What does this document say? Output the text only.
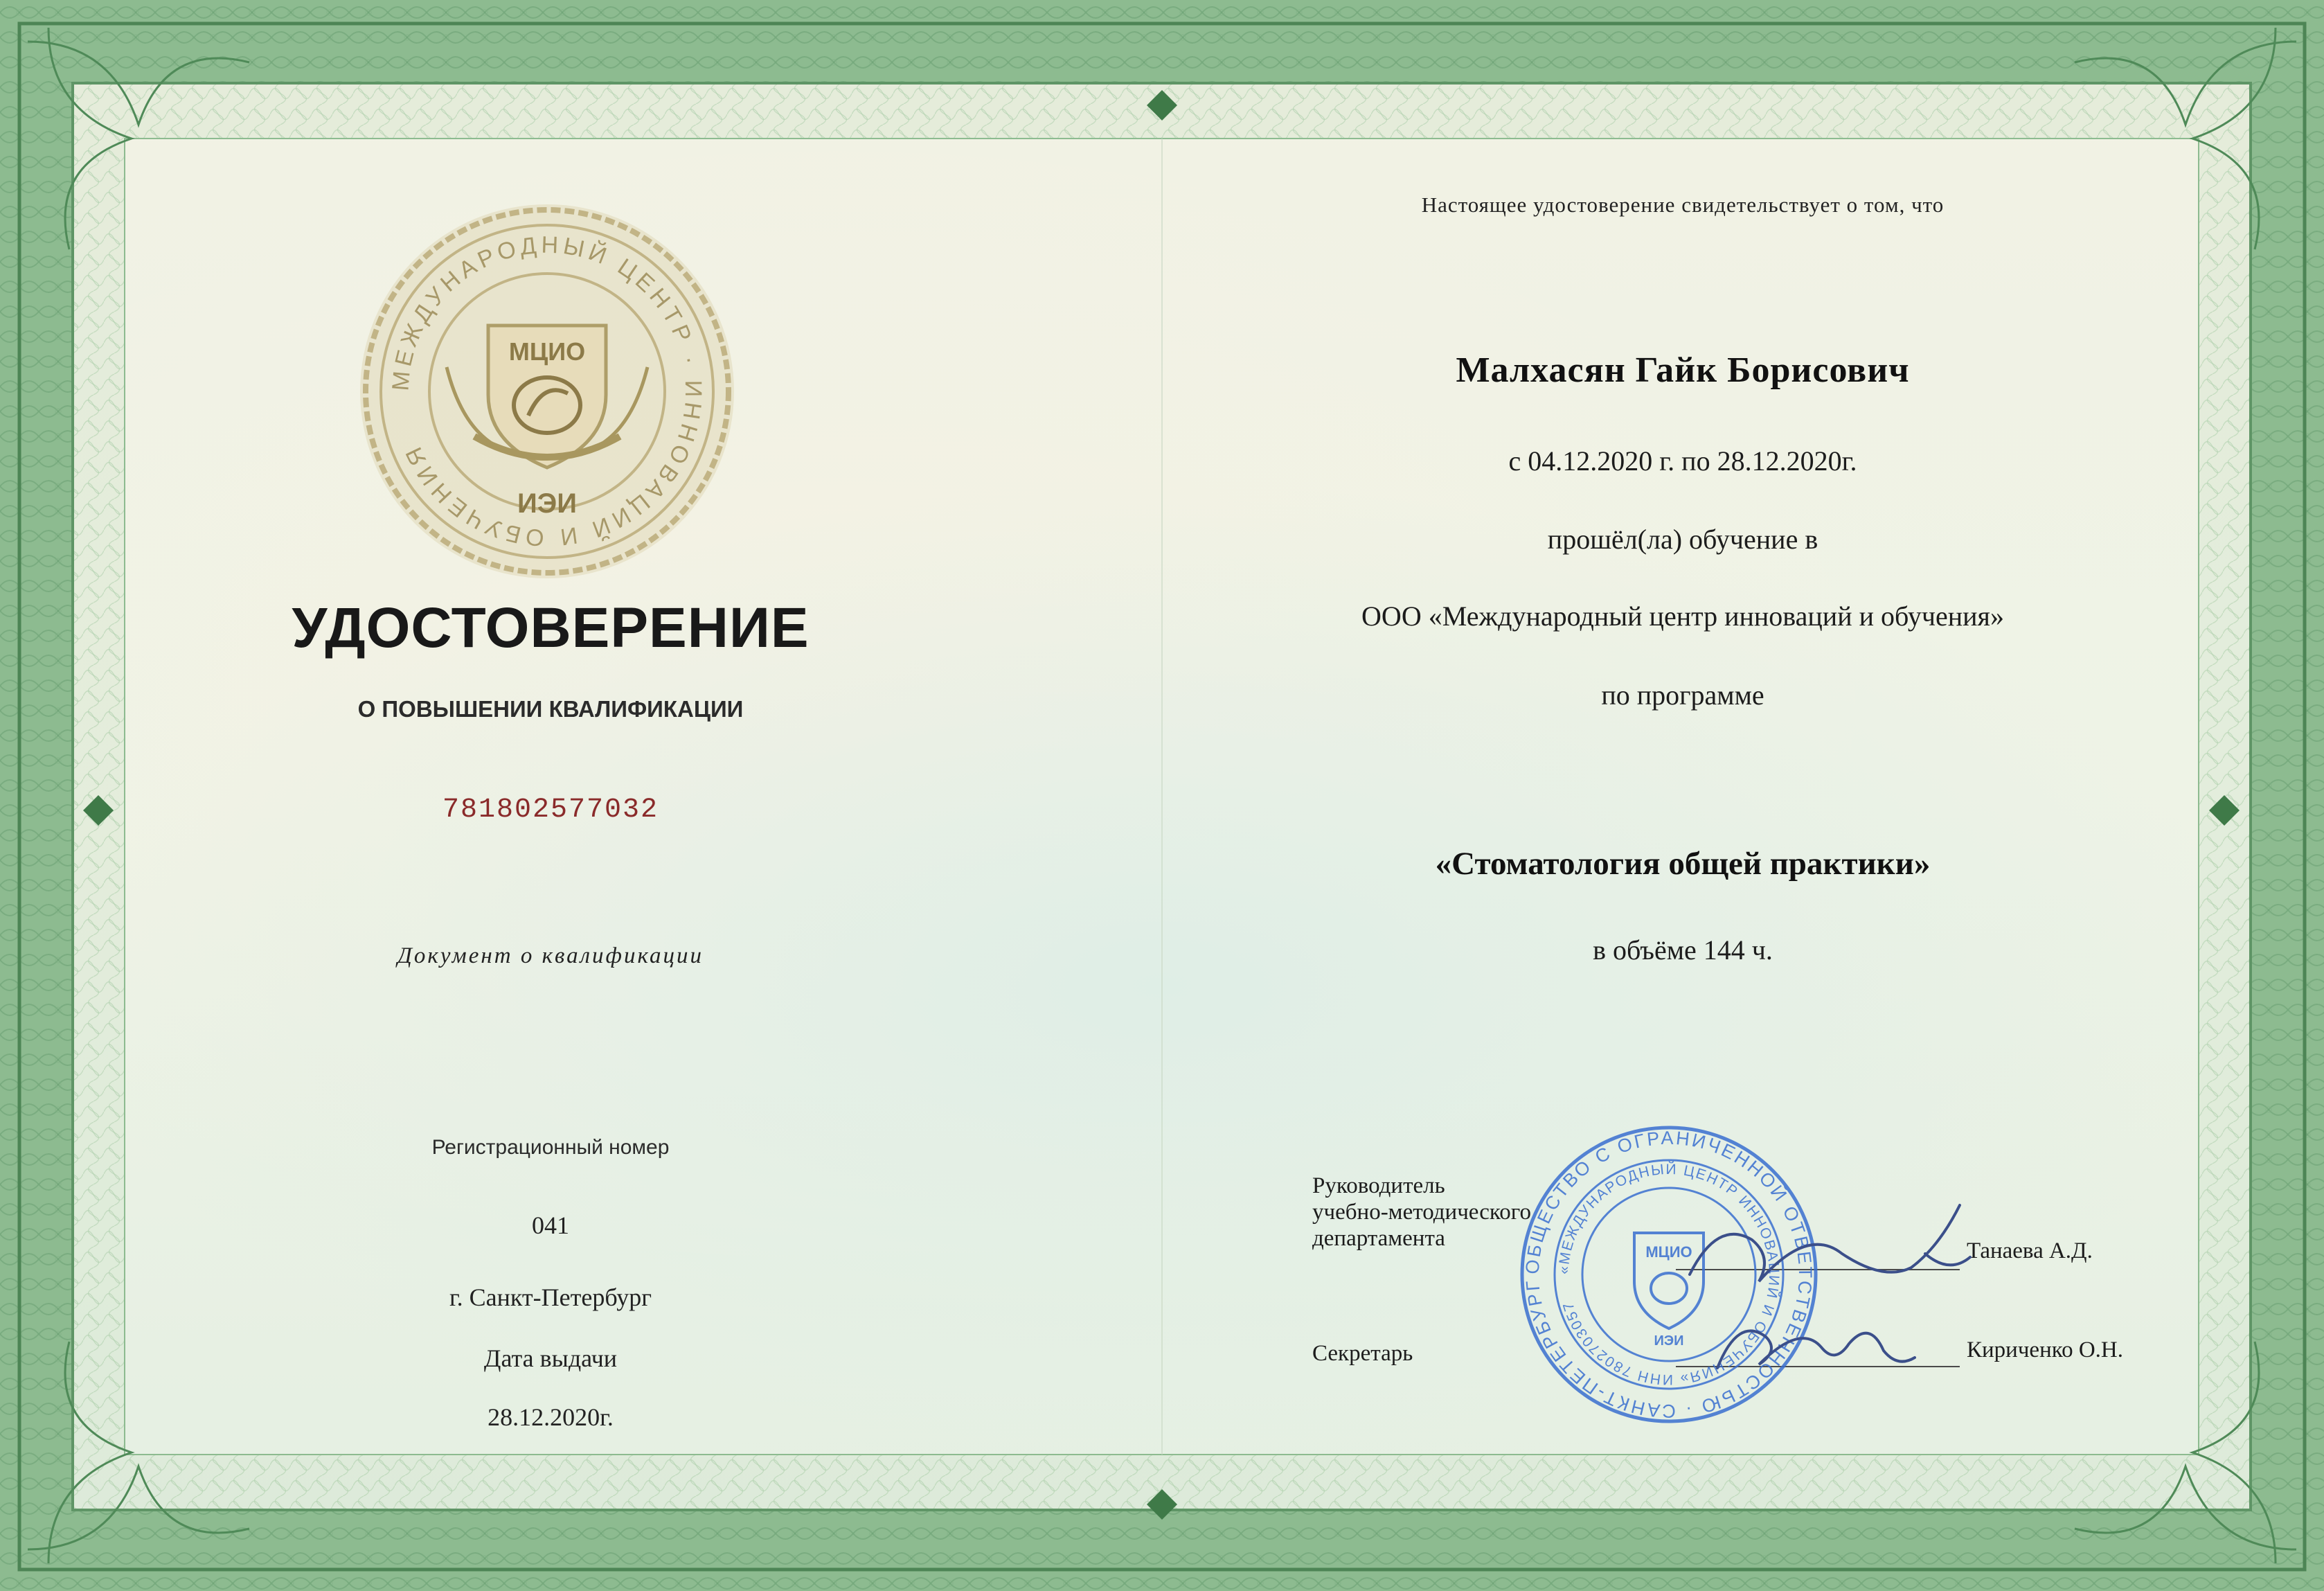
МЕЖДУНАРОДНЫЙ ЦЕНТР · ИННОВАЦИЙ И ОБУЧЕНИЯ
МЦИО
ИЭИ
УДОСТОВЕРЕНИЕ
О ПОВЫШЕНИИ КВАЛИФИКАЦИИ
781802577032
Документ о квалификации
Регистрационный номер
041
г. Санкт-Петербург
Дата выдачи
28.12.2020г.
Настоящее удостоверение свидетельствует о том, что
Малхасян Гайк Борисович
с 04.12.2020 г. по 28.12.2020г.
прошёл(ла) обучение в
ООО «Международный центр инноваций и обучения»
по программе
«Стоматология общей практики»
в объёме 144 ч.
Руководитель
учебно-методического
департамента	Танаева А.Д.
Секретарь	Кириченко О.Н.
ОБЩЕСТВО С ОГРАНИЧЕННОЙ ОТВЕТСТВЕННОСТЬЮ · САНКТ-ПЕТЕРБУРГ
«МЕЖДУНАРОДНЫЙ ЦЕНТР ИННОВАЦИЙ И ОБУЧЕНИЯ» ИНН 7802703057
МЦИО
ИЭИ
